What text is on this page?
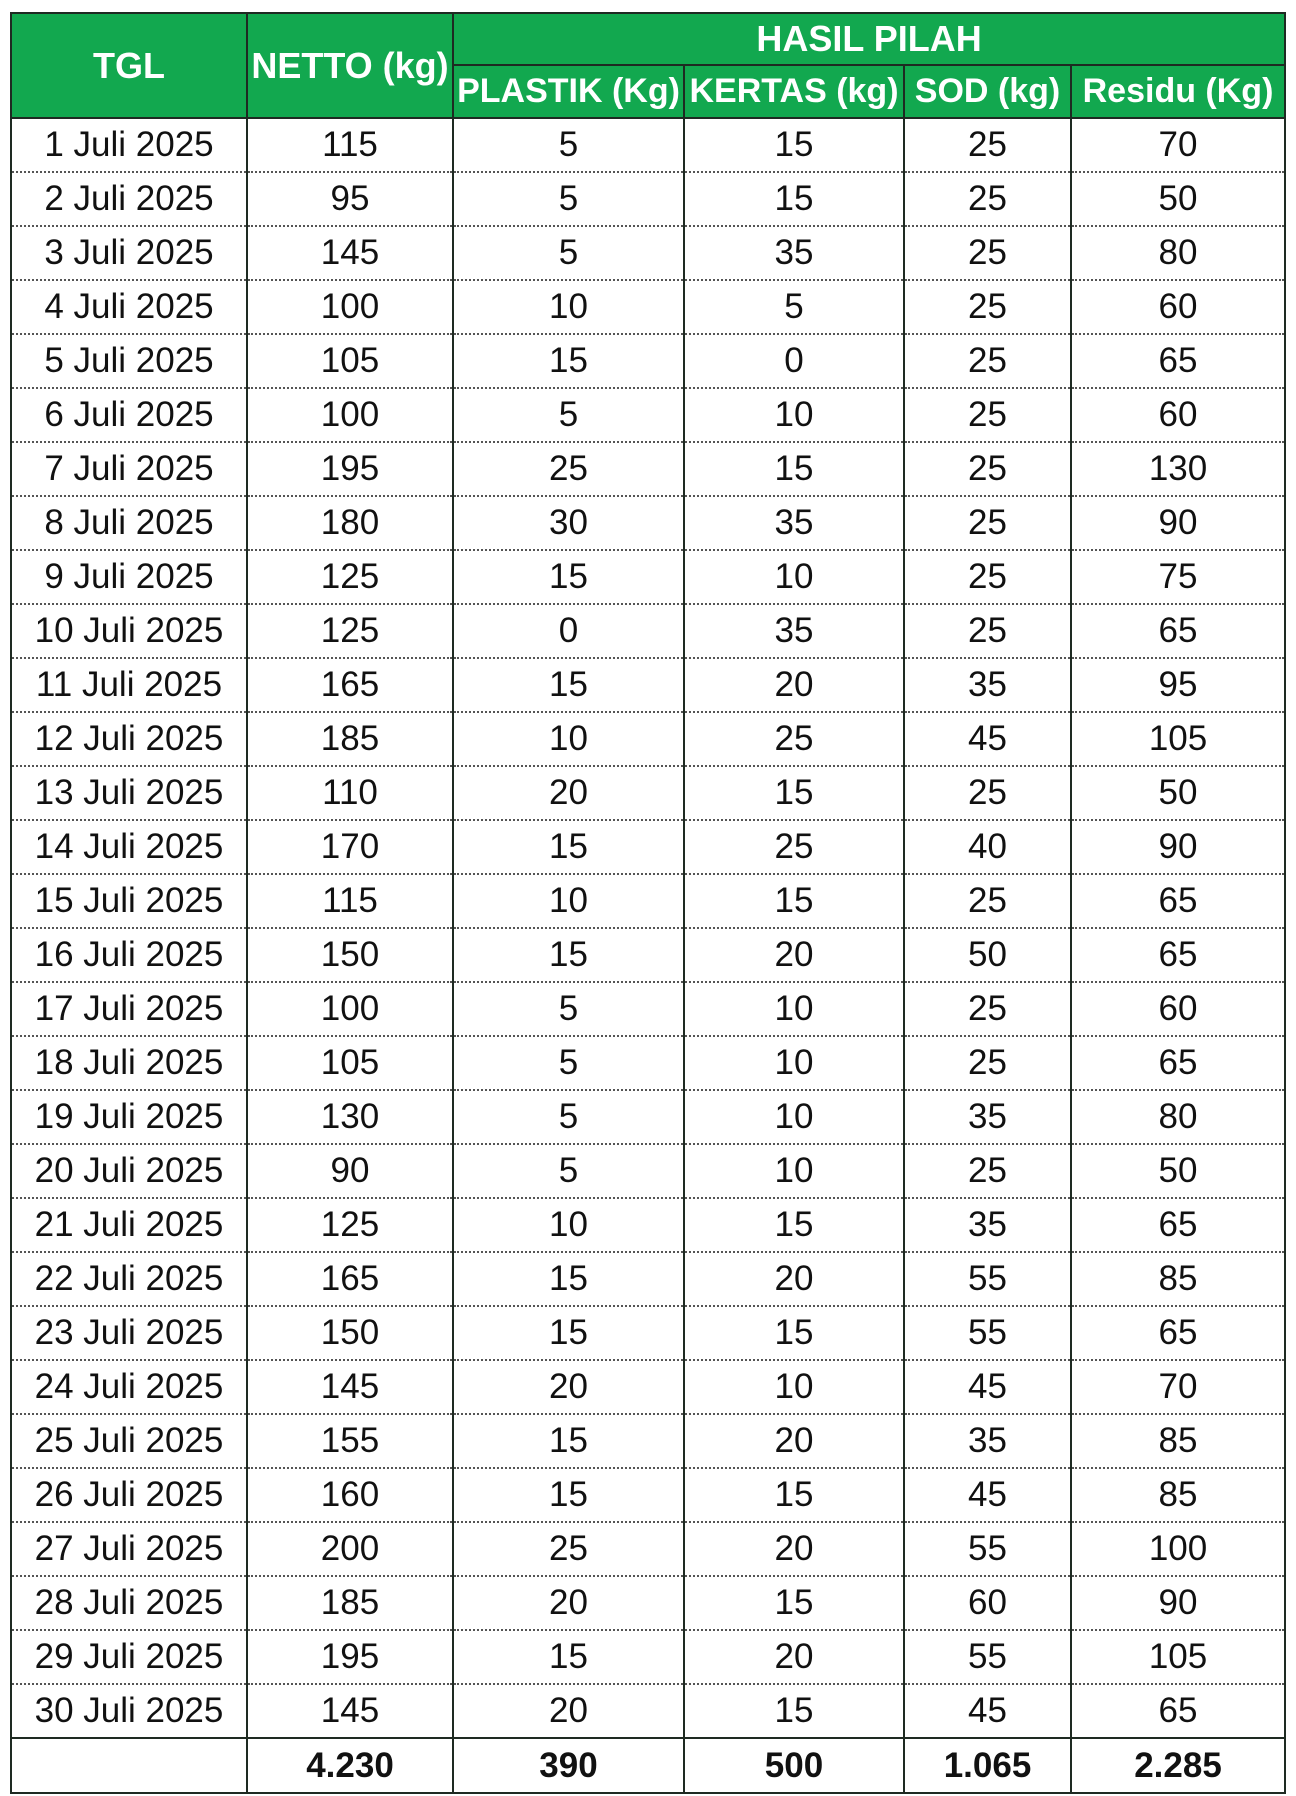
TGL	NETTO (kg)	HASIL PILAH			
		PLASTIK (Kg)	KERTAS (kg)	SOD (kg)	Residu (Kg)
1 Juli 2025	115	5	15	25	70
2 Juli 2025	95	5	15	25	50
3 Juli 2025	145	5	35	25	80
4 Juli 2025	100	10	5	25	60
5 Juli 2025	105	15	0	25	65
6 Juli 2025	100	5	10	25	60
7 Juli 2025	195	25	15	25	130
8 Juli 2025	180	30	35	25	90
9 Juli 2025	125	15	10	25	75
10 Juli 2025	125	0	35	25	65
11 Juli 2025	165	15	20	35	95
12 Juli 2025	185	10	25	45	105
13 Juli 2025	110	20	15	25	50
14 Juli 2025	170	15	25	40	90
15 Juli 2025	115	10	15	25	65
16 Juli 2025	150	15	20	50	65
17 Juli 2025	100	5	10	25	60
18 Juli 2025	105	5	10	25	65
19 Juli 2025	130	5	10	35	80
20 Juli 2025	90	5	10	25	50
21 Juli 2025	125	10	15	35	65
22 Juli 2025	165	15	20	55	85
23 Juli 2025	150	15	15	55	65
24 Juli 2025	145	20	10	45	70
25 Juli 2025	155	15	20	35	85
26 Juli 2025	160	15	15	45	85
27 Juli 2025	200	25	20	55	100
28 Juli 2025	185	20	15	60	90
29 Juli 2025	195	15	20	55	105
30 Juli 2025	145	20	15	45	65
	4.230	390	500	1.065	2.285
